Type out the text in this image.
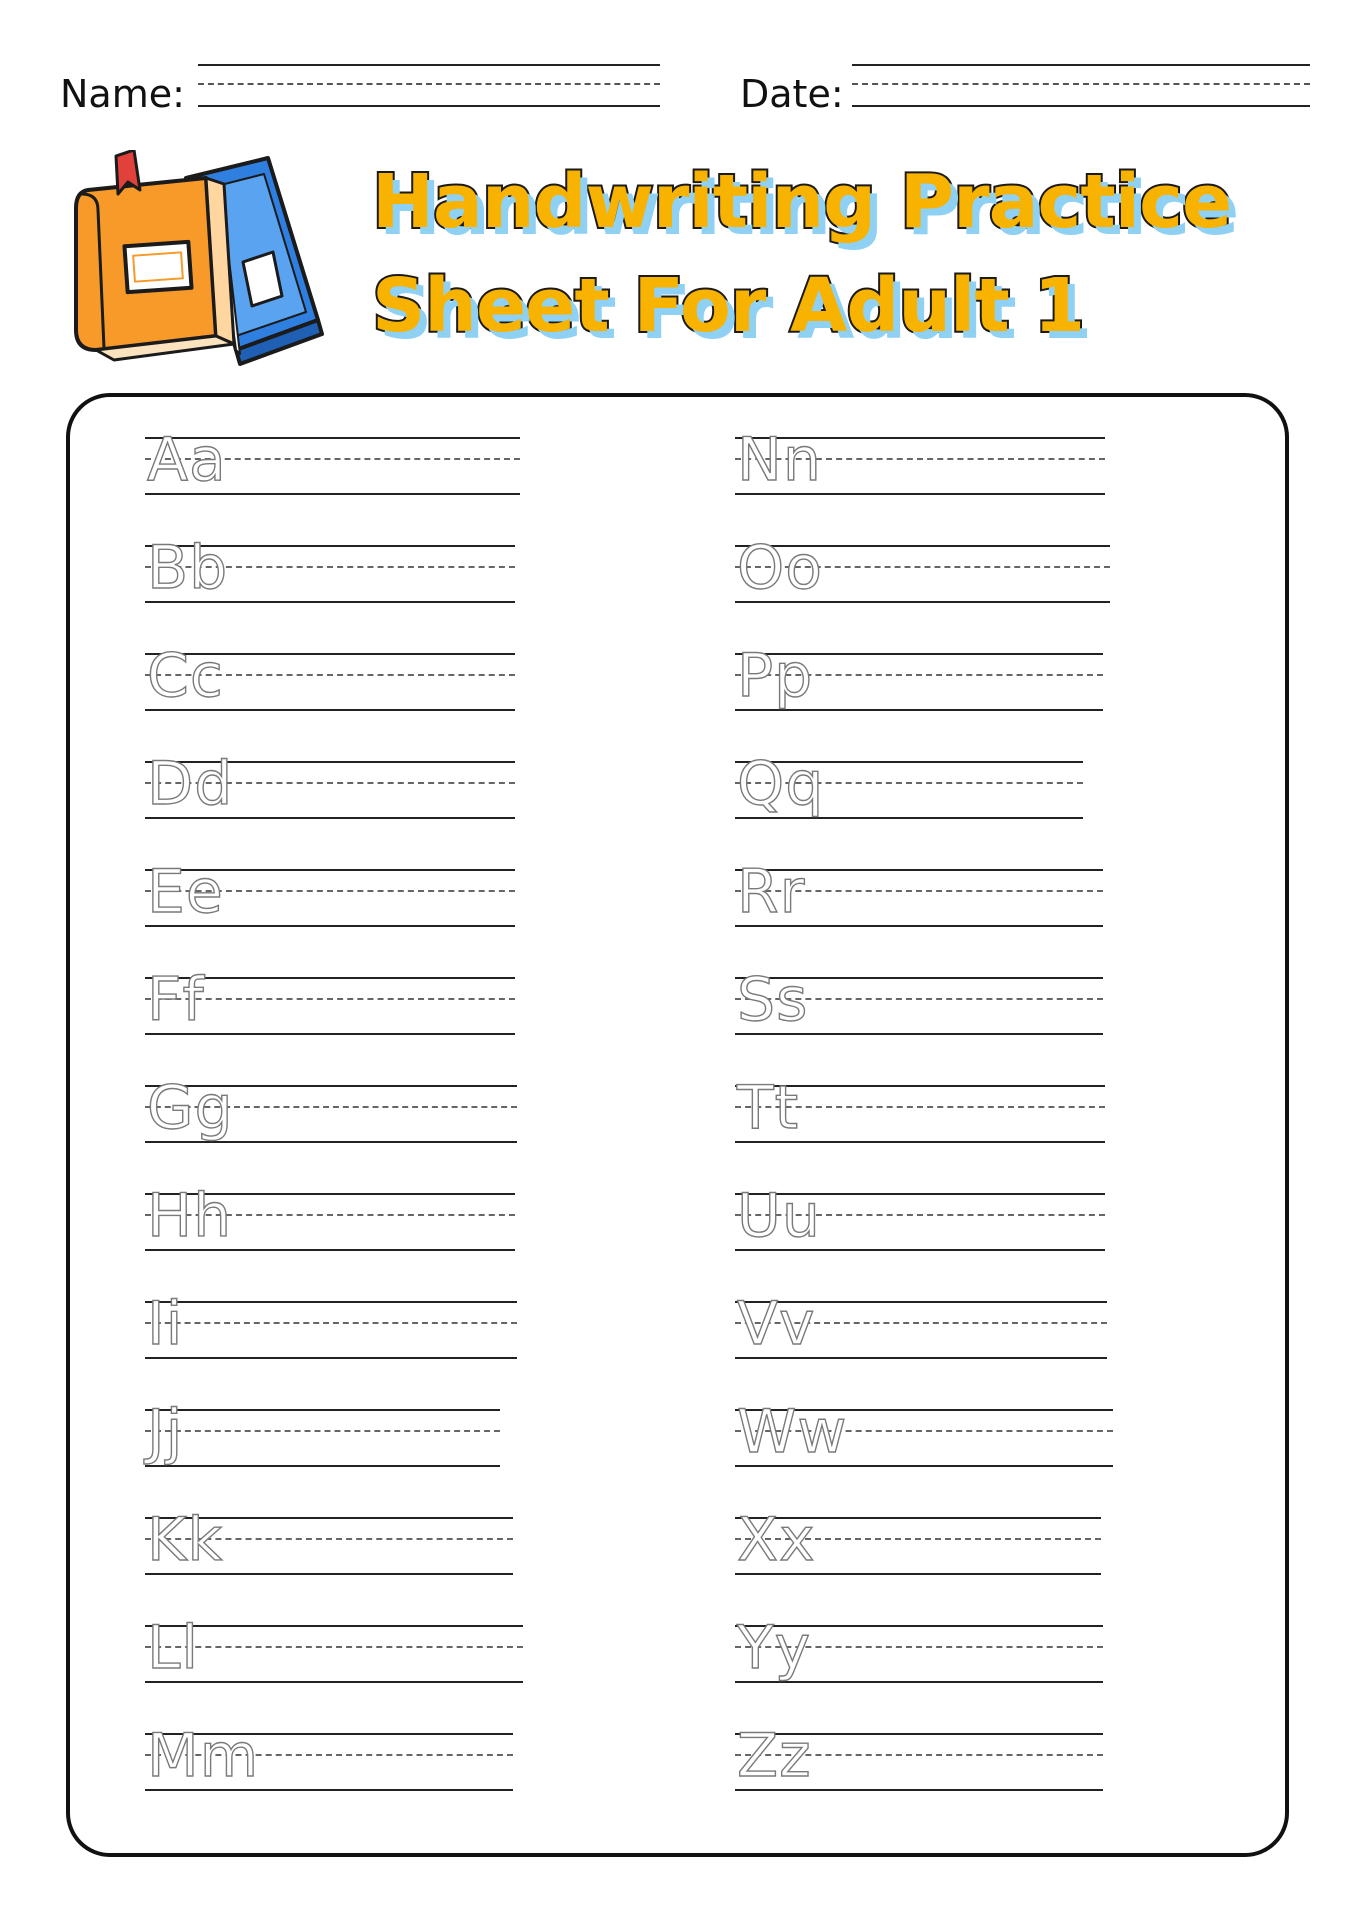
Name:	Date:
Handwriting Practice
Sheet For Adult 1
Aa
Bb
Cc
Dd
Ee
Ff
Gg
Hh
Ii
Jj
Kk
Ll
Mm
Nn
Oo
Pp
Qq
Rr
Ss
Tt
Uu
Vv
Ww
Xx
Yy
Zz
